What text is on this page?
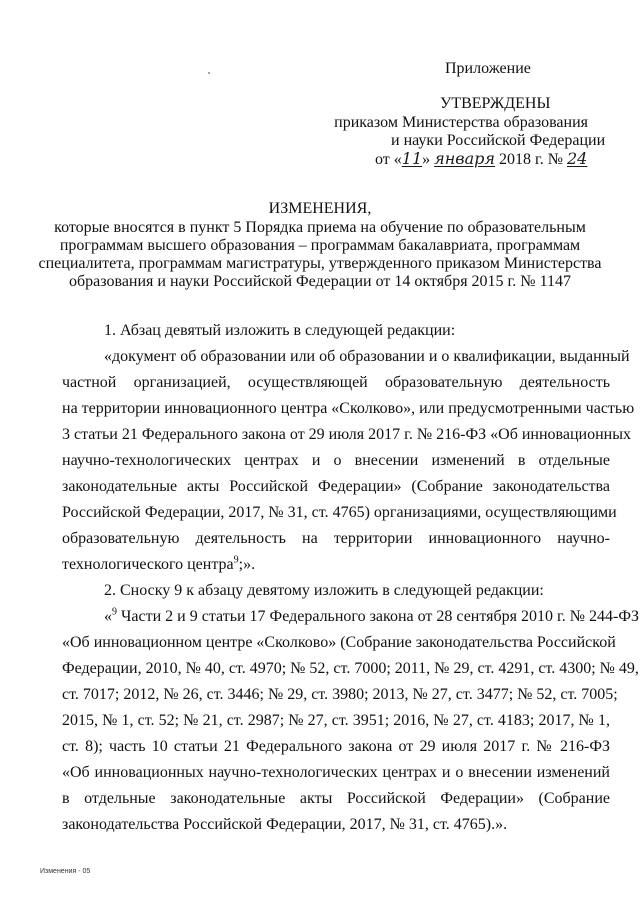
Приложение
УТВЕРЖДЕНЫ
приказом Министерства образования
и науки Российской Федерации
от «11» января 2018 г. № 24
ИЗМЕНЕНИЯ,
которые вносятся в пункт 5 Порядка приема на обучение по образовательным
программам высшего образования – программам бакалавриата, программам
специалитета, программам магистратуры, утвержденного приказом Министерства
образования и науки Российской Федерации от 14 октября 2015 г. № 1147
1. Абзац девятый изложить в следующей редакции:
«документ об образовании или об образовании и о квалификации, выданный
частной организацией, осуществляющей образовательную деятельность
на территории инновационного центра «Сколково», или предусмотренными частью
3 статьи 21 Федерального закона от 29 июля 2017 г. № 216-ФЗ «Об инновационных
научно-технологических центрах и о внесении изменений в отдельные
законодательные акты Российской Федерации» (Собрание законодательства
Российской Федерации, 2017, № 31, ст. 4765) организациями, осуществляющими
образовательную деятельность на территории инновационного научно-
технологического центра$^9$;».
2. Сноску 9 к абзацу девятому изложить в следующей редакции:
«$^9$ Части 2 и 9 статьи 17 Федерального закона от 28 сентября 2010 г. № 244-ФЗ
«Об инновационном центре «Сколково» (Собрание законодательства Российской
Федерации, 2010, № 40, ст. 4970; № 52, ст. 7000; 2011, № 29, ст. 4291, ст. 4300; № 49,
ст. 7017; 2012, № 26, ст. 3446; № 29, ст. 3980; 2013, № 27, ст. 3477; № 52, ст. 7005;
2015, № 1, ст. 52; № 21, ст. 2987; № 27, ст. 3951; 2016, № 27, ст. 4183; 2017, № 1,
ст. 8); часть 10 статьи 21 Федерального закона от 29 июля 2017 г. № 216-ФЗ
«Об инновационных научно-технологических центрах и о внесении изменений
в отдельные законодательные акты Российской Федерации» (Собрание
законодательства Российской Федерации, 2017, № 31, ст. 4765).».
Изменения - 05
